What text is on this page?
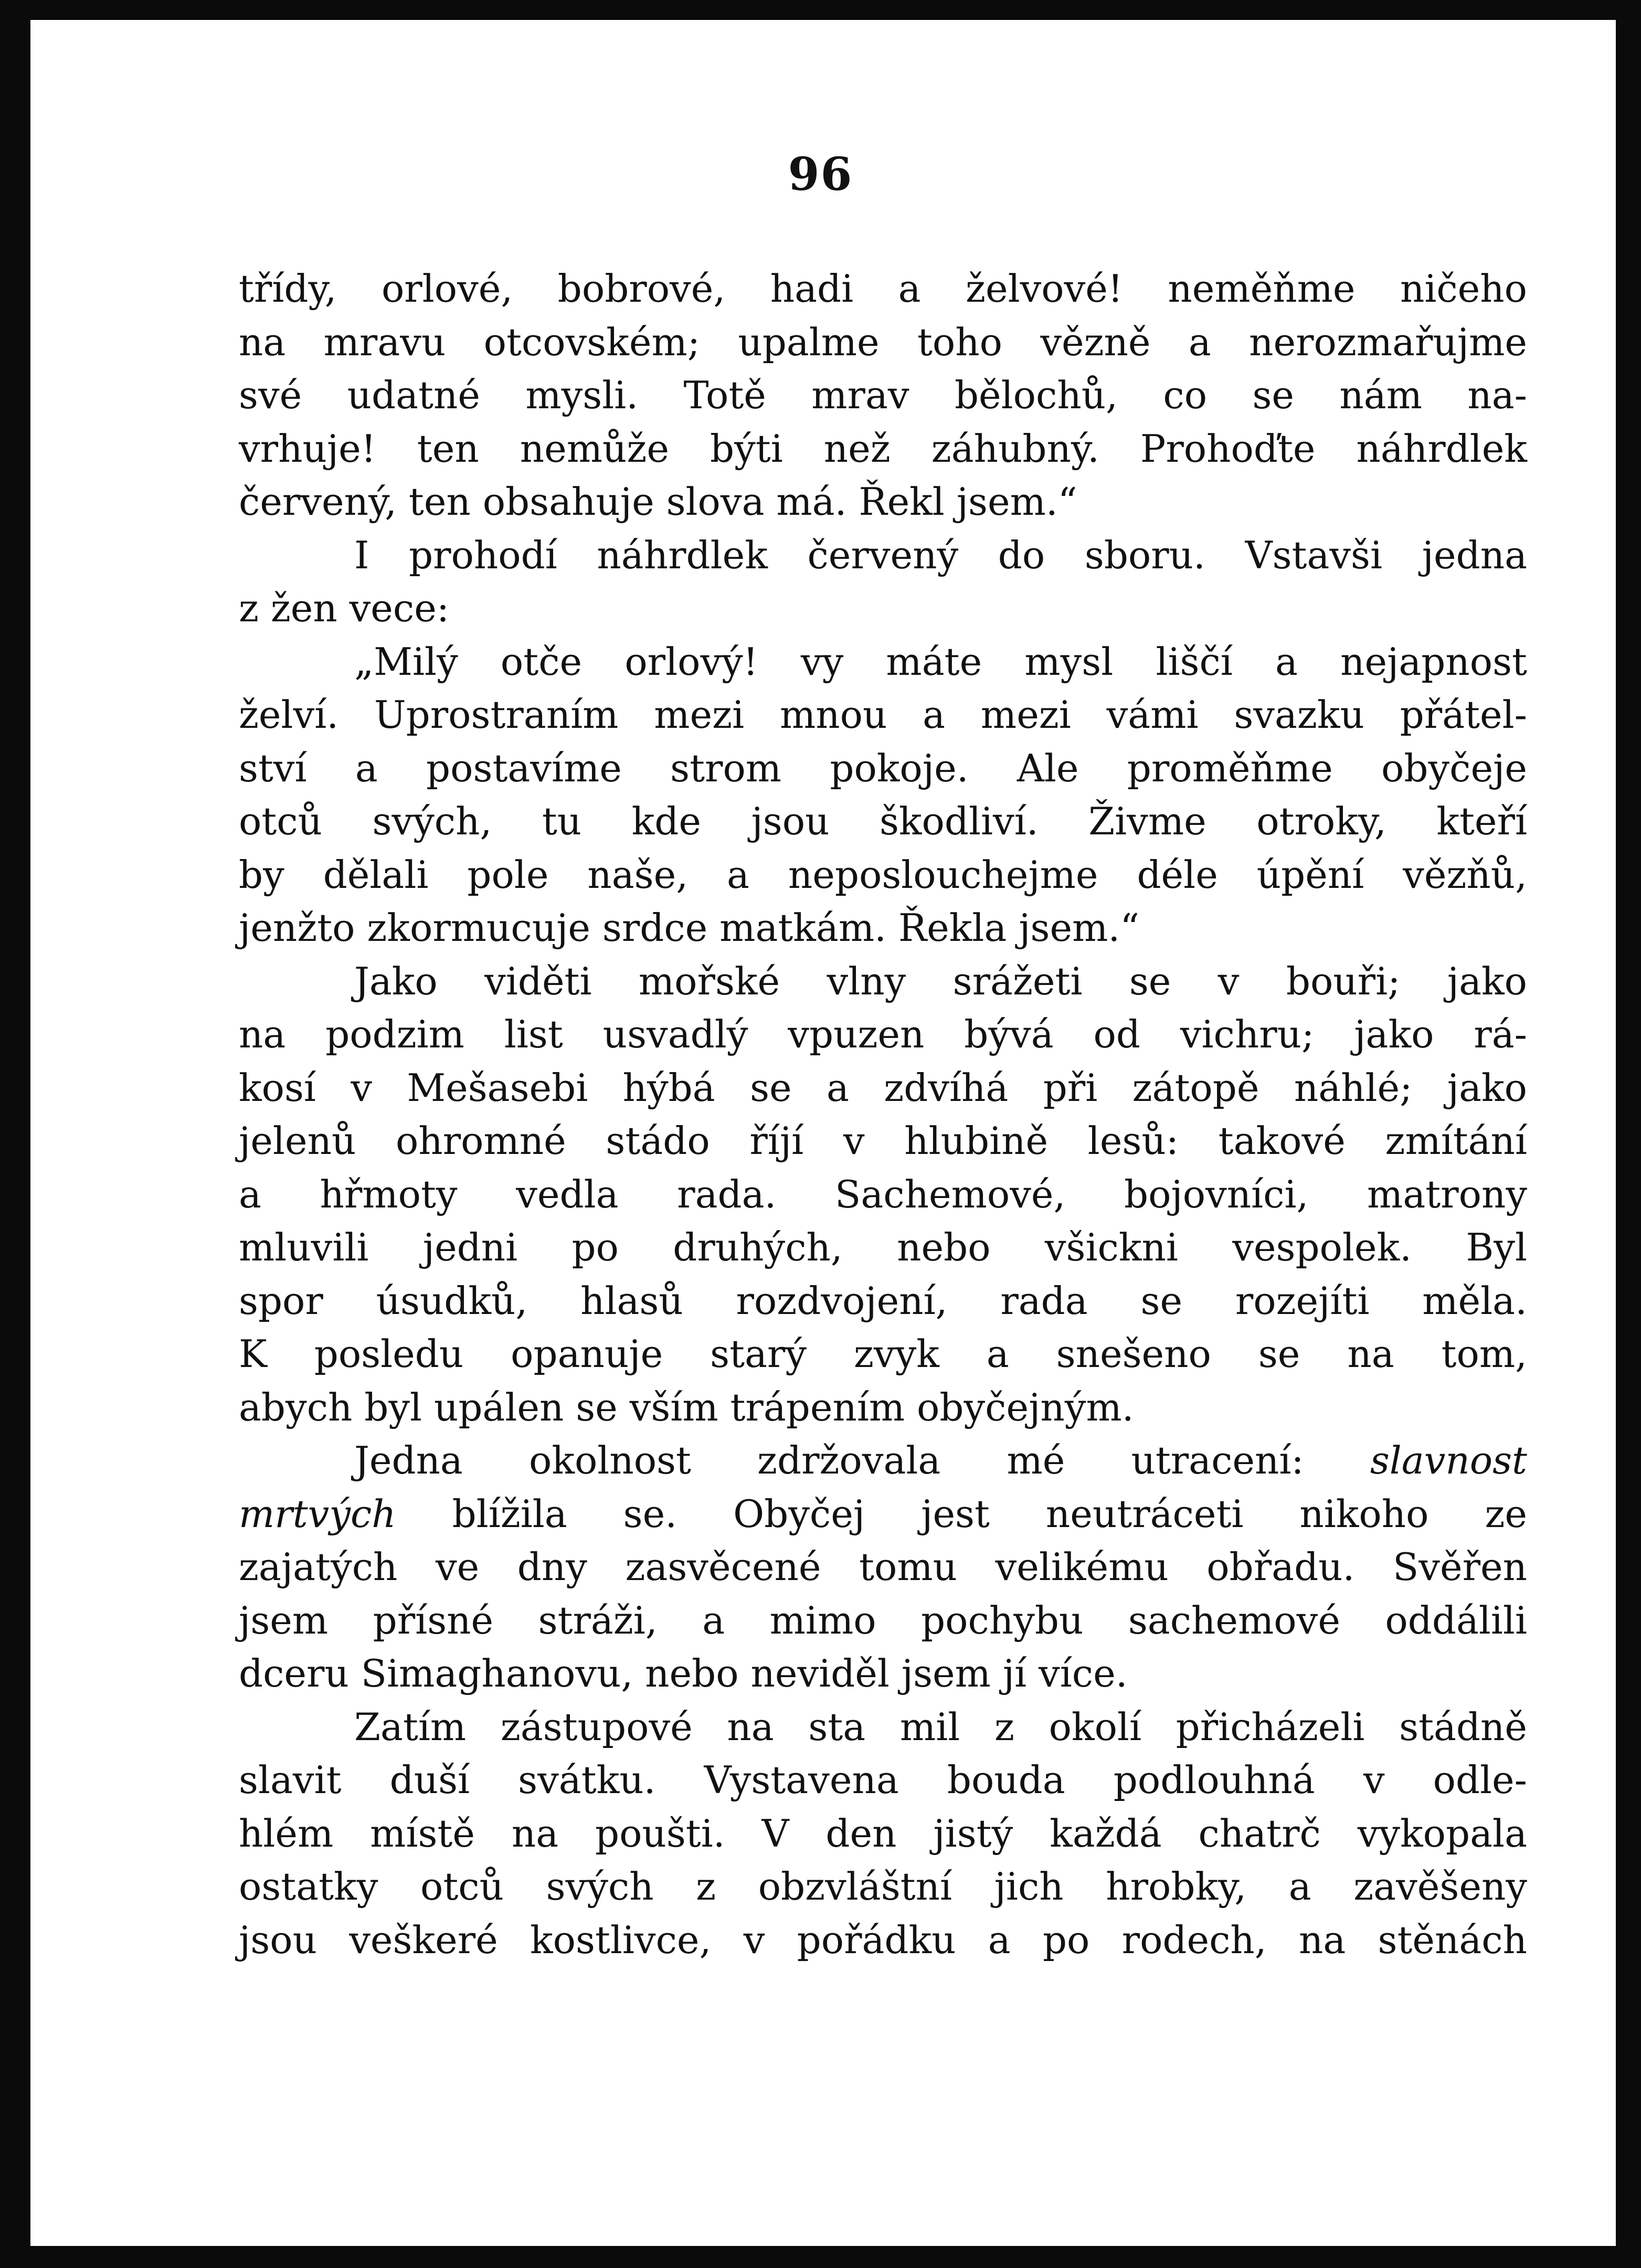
96
třídy, orlové, bobrové, hadi a želvové! neměňme ničeho
na mravu otcovském; upalme toho vězně a nerozmařujme
své udatné mysli. Totě mrav bělochů, co se nám na-
vrhuje! ten nemůže býti než záhubný. Prohoďte náhrdlek
červený, ten obsahuje slova má. Řekl jsem.“
I prohodí náhrdlek červený do sboru. Vstavši jedna
z žen vece:
„Milý otče orlový! vy máte mysl liščí a nejapnost
želví. Uprostraním mezi mnou a mezi vámi svazku přátel-
ství a postavíme strom pokoje. Ale proměňme obyčeje
otců svých, tu kde jsou škodliví. Živme otroky, kteří
by dělali pole naše, a neposlouchejme déle úpění vězňů,
jenžto zkormucuje srdce matkám. Řekla jsem.“
Jako viděti mořské vlny srážeti se v bouři; jako
na podzim list usvadlý vpuzen bývá od vichru; jako rá-
kosí v Mešasebi hýbá se a zdvíhá při zátopě náhlé; jako
jelenů ohromné stádo říjí v hlubině lesů: takové zmítání
a hřmoty vedla rada. Sachemové, bojovníci, matrony
mluvili jedni po druhých, nebo všickni vespolek. Byl
spor úsudků, hlasů rozdvojení, rada se rozejíti měla.
K posledu opanuje starý zvyk a snešeno se na tom,
abych byl upálen se vším trápením obyčejným.
Jedna okolnost zdržovala mé utracení: slavnost
mrtvých blížila se. Obyčej jest neutráceti nikoho ze
zajatých ve dny zasvěcené tomu velikému obřadu. Svěřen
jsem přísné stráži, a mimo pochybu sachemové oddálili
dceru Simaghanovu, nebo neviděl jsem jí více.
Zatím zástupové na sta mil z okolí přicházeli stádně
slavit duší svátku. Vystavena bouda podlouhná v odle-
hlém místě na poušti. V den jistý každá chatrč vykopala
ostatky otců svých z obzvláštní jich hrobky, a zavěšeny
jsou veškeré kostlivce, v pořádku a po rodech, na stěnách
